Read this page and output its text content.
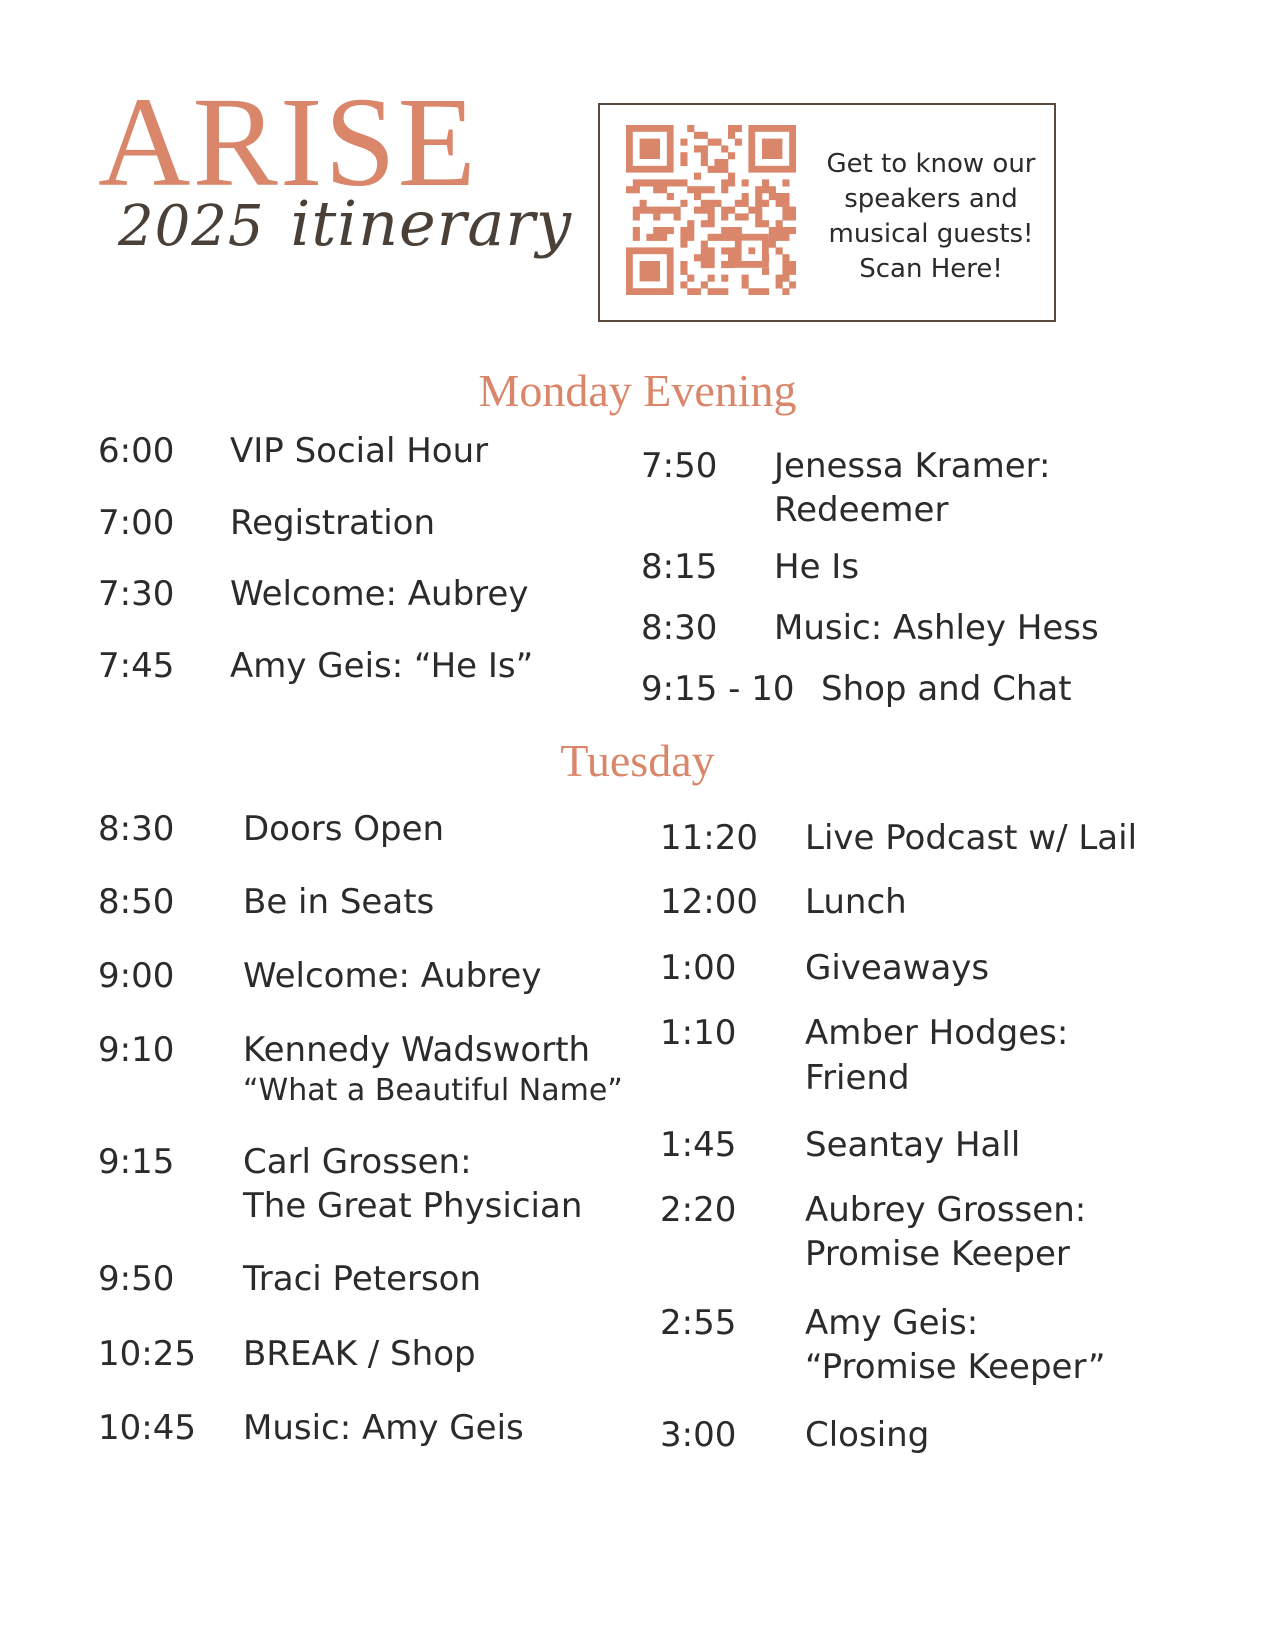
ARISE
2025 itinerary
Get to know our
speakers and
musical guests!
Scan Here!
Monday Evening
6:00 VIP Social Hour
7:00 Registration
7:30 Welcome: Aubrey
7:45 Amy Geis: “He Is”
7:50 Jenessa Kramer:
Redeemer
8:15 He Is
8:30 Music: Ashley Hess
9:15 - 10 Shop and Chat
Tuesday
8:30 Doors Open
8:50 Be in Seats
9:00 Welcome: Aubrey
9:10 Kennedy Wadsworth
“What a Beautiful Name”
9:15 Carl Grossen:
The Great Physician
9:50 Traci Peterson
10:25 BREAK / Shop
10:45 Music: Amy Geis
11:20 Live Podcast w/ Lail
12:00 Lunch
1:00 Giveaways
1:10 Amber Hodges:
Friend
1:45 Seantay Hall
2:20 Aubrey Grossen:
Promise Keeper
2:55 Amy Geis:
“Promise Keeper”
3:00 Closing
